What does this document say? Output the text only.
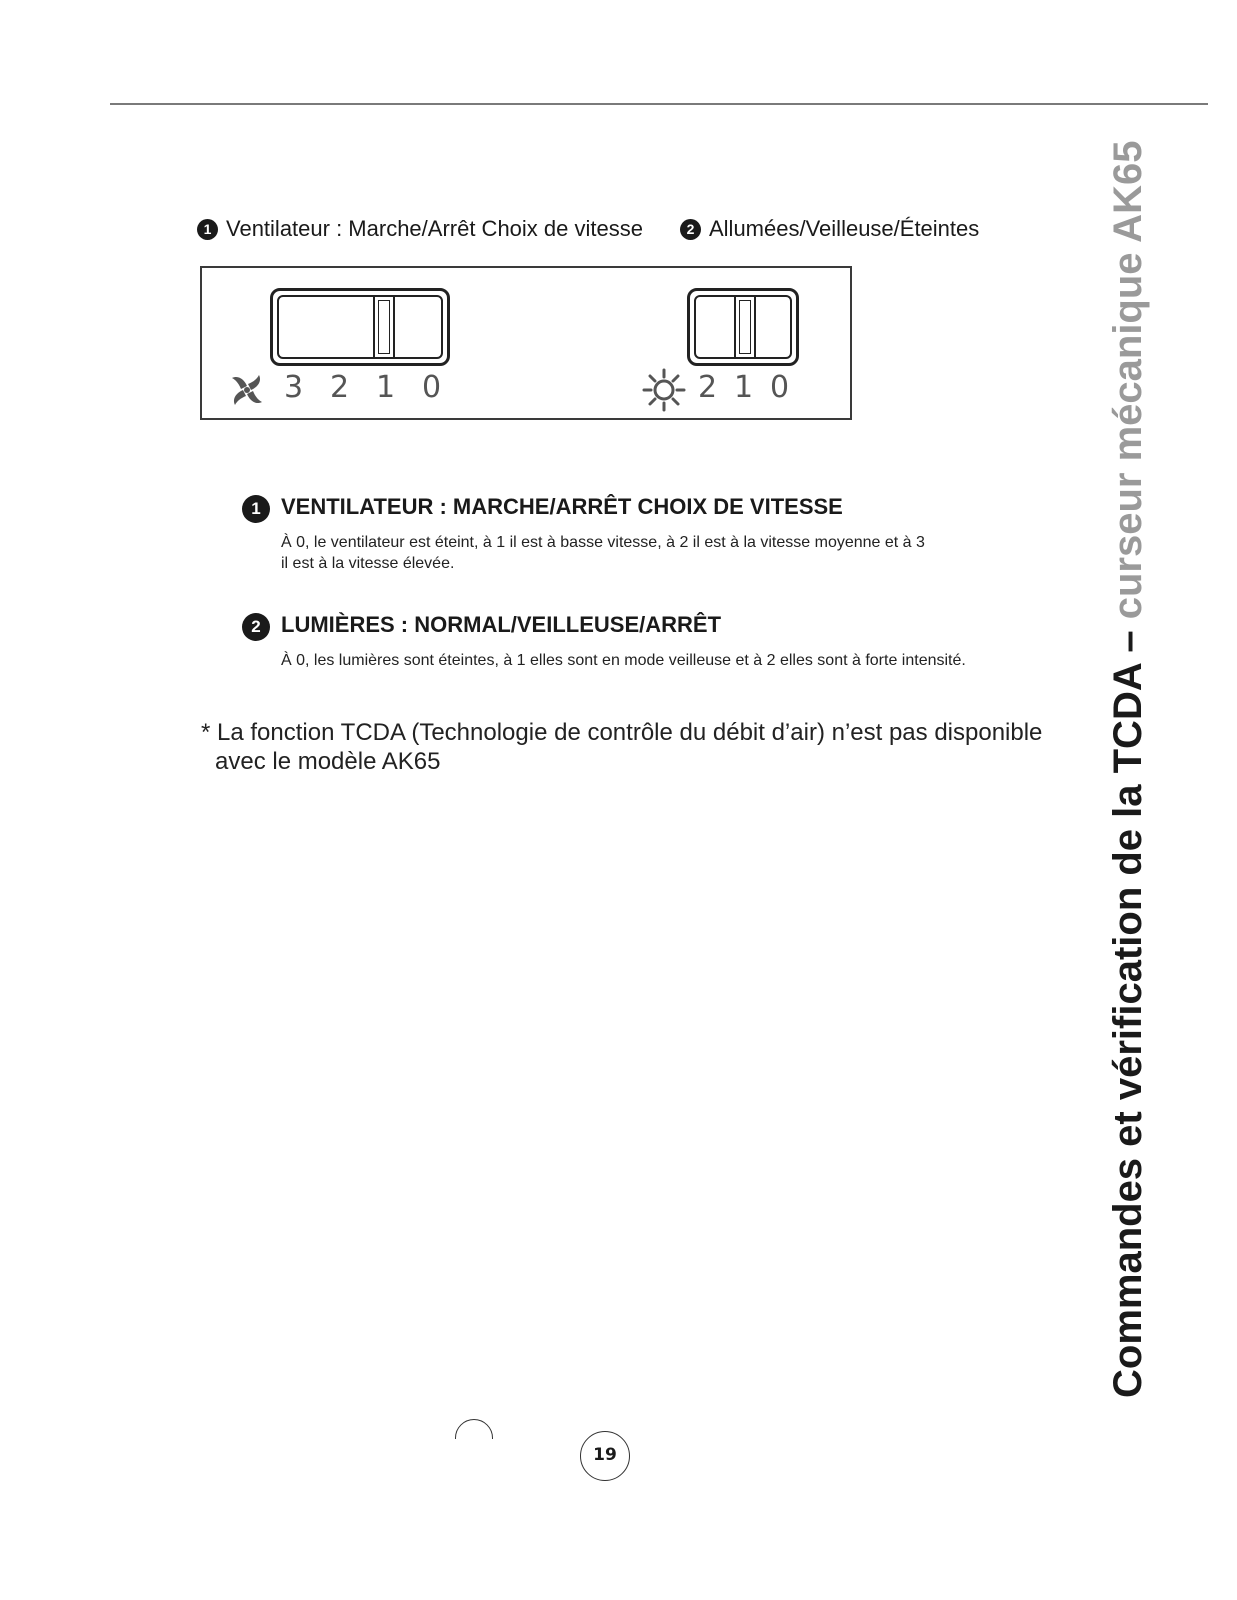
1 Ventilateur : Marche/Arrêt Choix de vitesse	2 Allumées/Veilleuse/Éteintes
3 2 1 0	2 1 0
1 VENTILATEUR : MARCHE/ARRÊT CHOIX DE VITESSE
À 0, le ventilateur est éteint, à 1 il est à basse vitesse, à 2 il est à la vitesse moyenne et à 3
il est à la vitesse élevée.
2 LUMIÈRES : NORMAL/VEILLEUSE/ARRÊT
À 0, les lumières sont éteintes, à 1 elles sont en mode veilleuse et à 2 elles sont à forte intensité.
* La fonction TCDA (Technologie de contrôle du débit d’air) n’est pas disponible
avec le modèle AK65	Commandes et vérification de la TCDA – curseur mécanique AK65
19
